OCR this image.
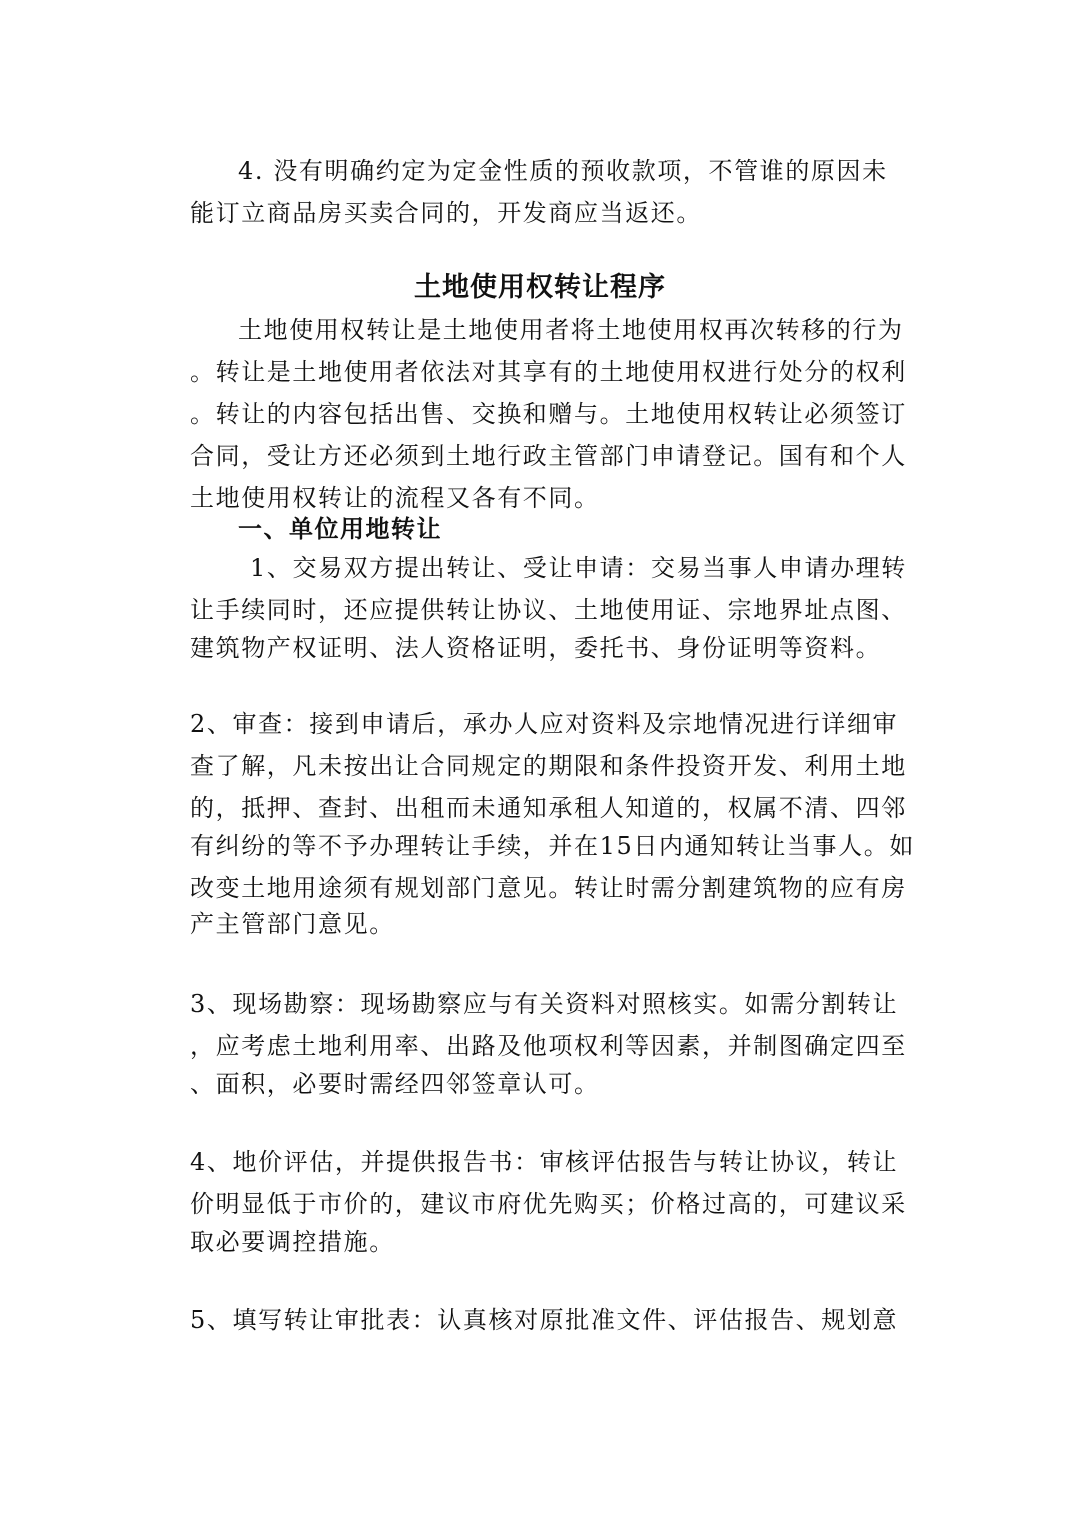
4. 没有明确约定为定金性质的预收款项，不管谁的原因未
能订立商品房买卖合同的，开发商应当返还。
土地使用权转让程序
土地使用权转让是土地使用者将土地使用权再次转移的行为
。转让是土地使用者依法对其享有的土地使用权进行处分的权利
。转让的内容包括出售、交换和赠与。土地使用权转让必须签订
合同，受让方还必须到土地行政主管部门申请登记。国有和个人
土地使用权转让的流程又各有不同。
一、单位用地转让
1、交易双方提出转让、受让申请：交易当事人申请办理转
让手续同时，还应提供转让协议、土地使用证、宗地界址点图、
建筑物产权证明、法人资格证明，委托书、身份证明等资料。
2、审查：接到申请后，承办人应对资料及宗地情况进行详细审
查了解，凡未按出让合同规定的期限和条件投资开发、利用土地
的，抵押、查封、出租而未通知承租人知道的，权属不清、四邻
有纠纷的等不予办理转让手续，并在15日内通知转让当事人。如
改变土地用途须有规划部门意见。转让时需分割建筑物的应有房
产主管部门意见。
3、现场勘察：现场勘察应与有关资料对照核实。如需分割转让
，应考虑土地利用率、出路及他项权利等因素，并制图确定四至
、面积，必要时需经四邻签章认可。
4、地价评估，并提供报告书：审核评估报告与转让协议，转让
价明显低于市价的，建议市府优先购买；价格过高的，可建议采
取必要调控措施。
5、填写转让审批表：认真核对原批准文件、评估报告、规划意
